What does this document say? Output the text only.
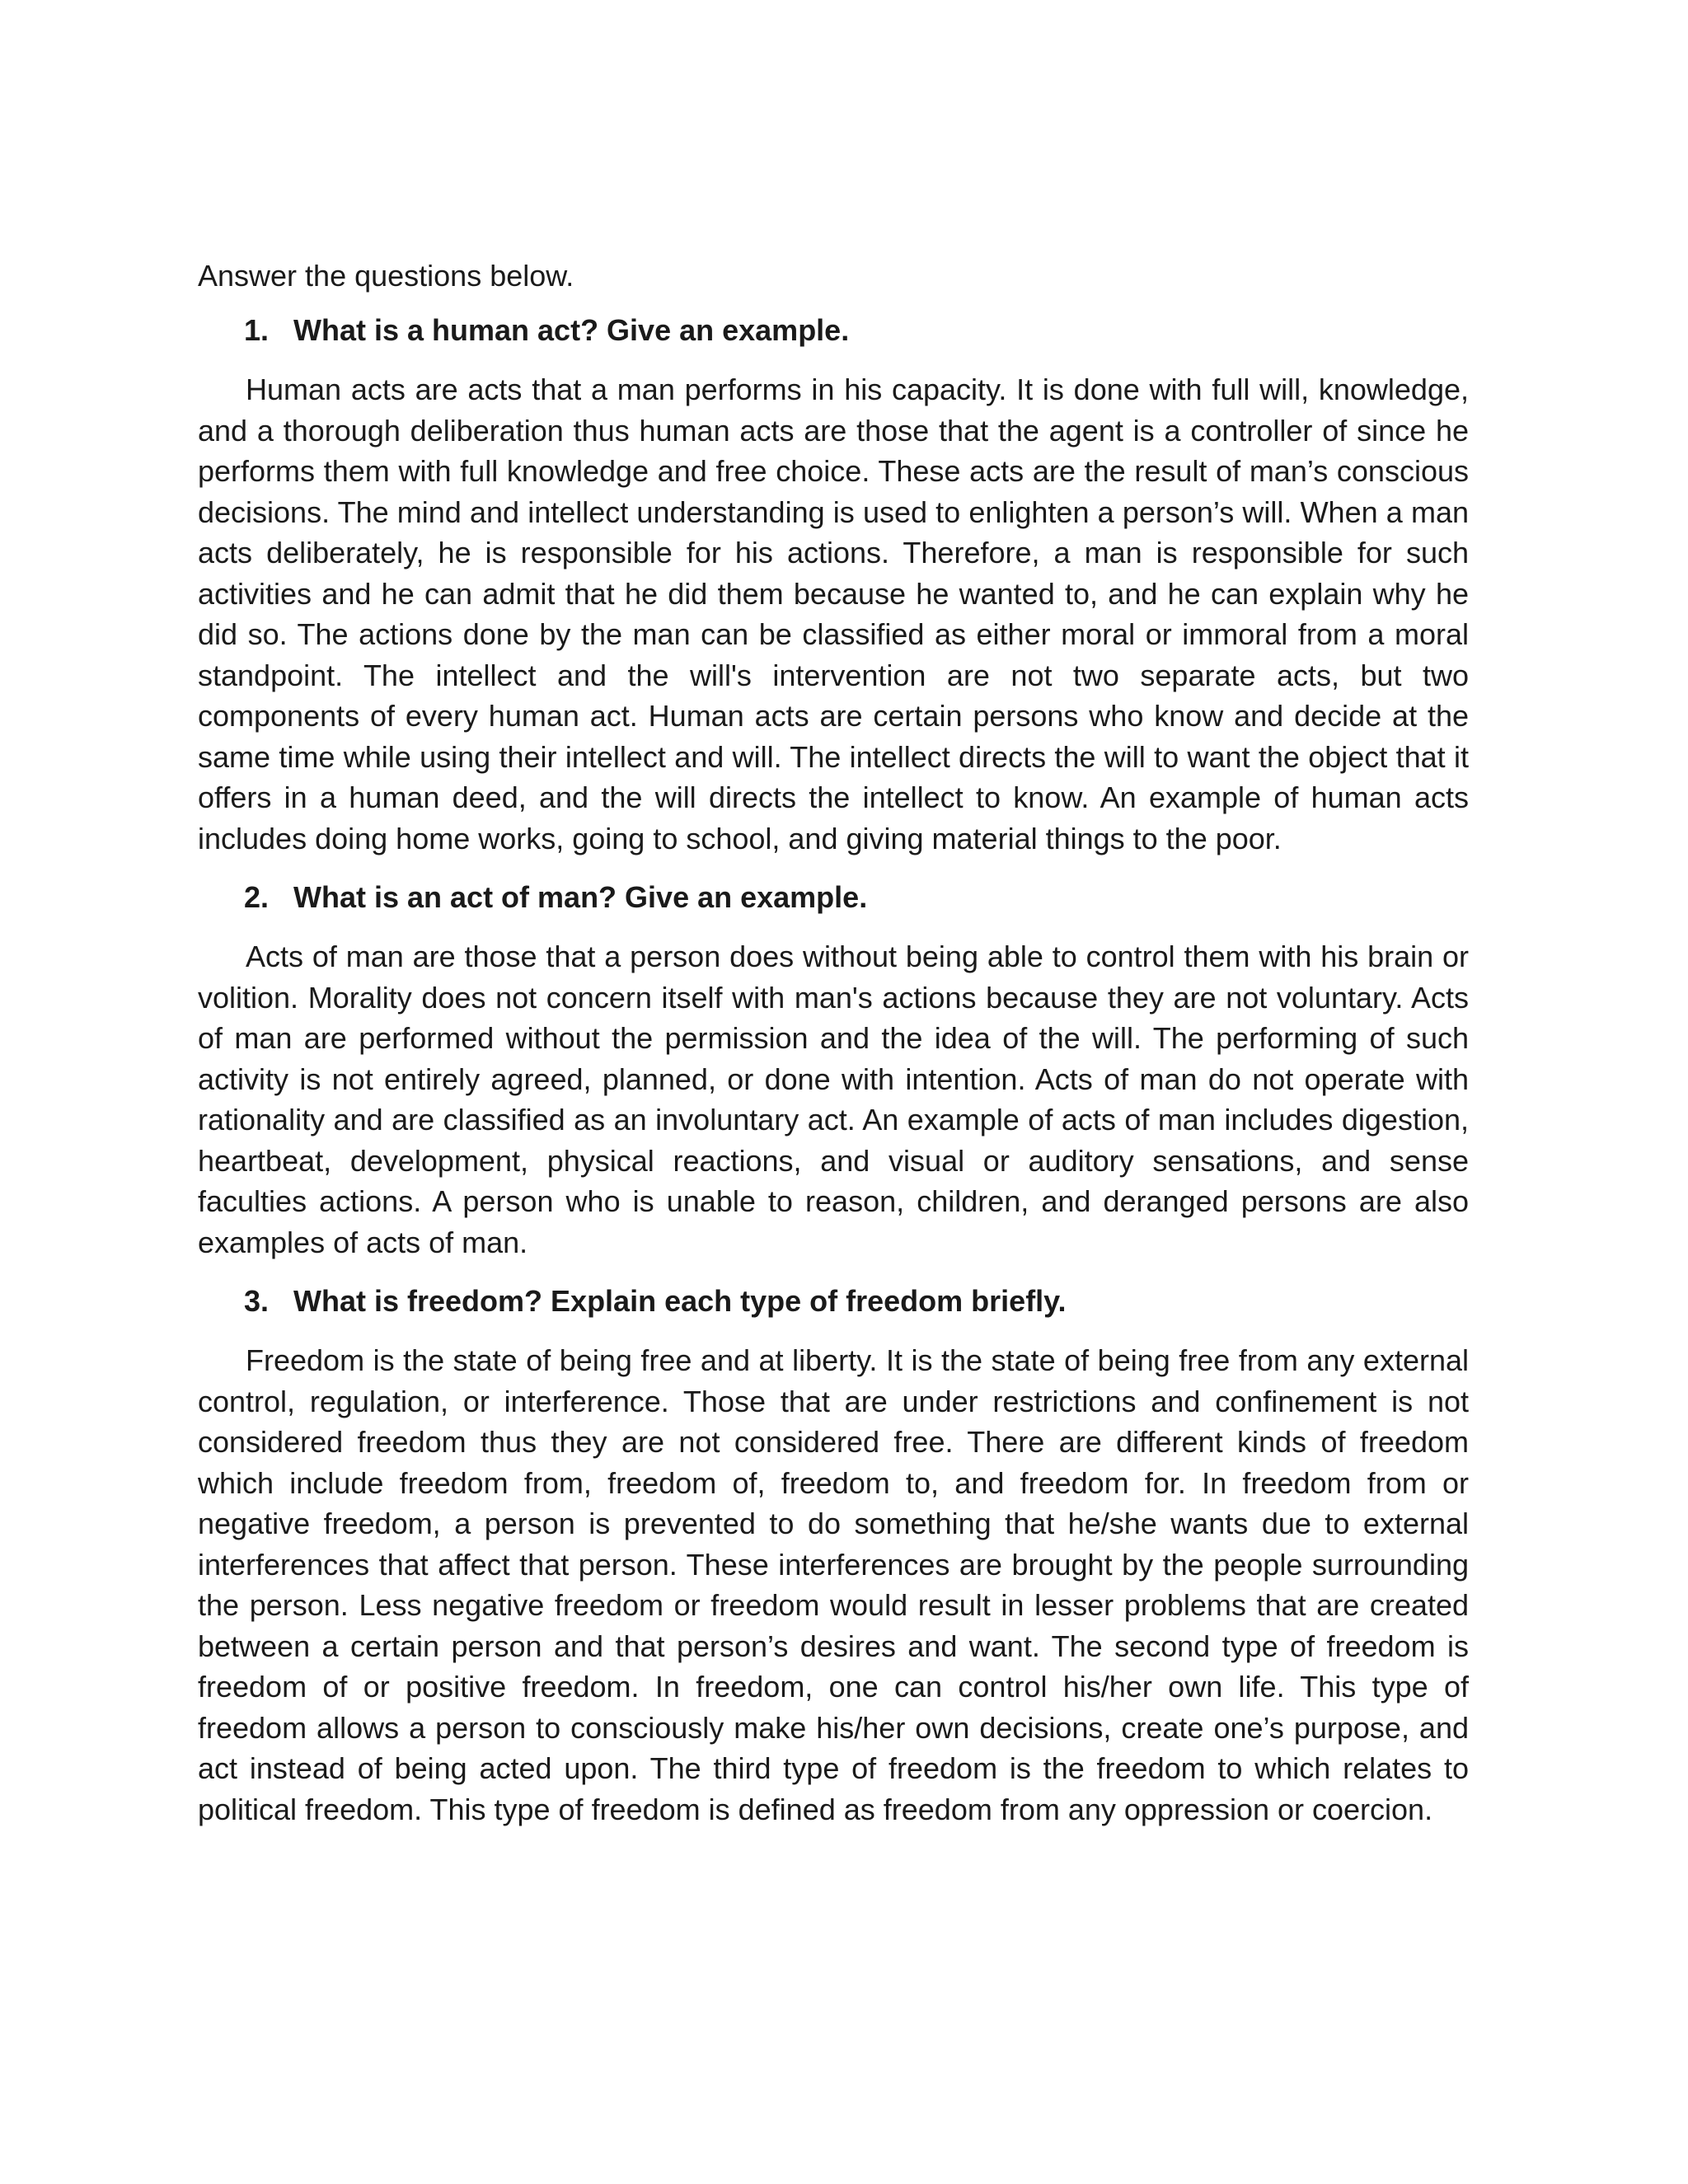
Answer the questions below.

1. What is a human act? Give an example.

Human acts are acts that a man performs in his capacity. It is done with full will, knowledge, and a thorough deliberation thus human acts are those that the agent is a controller of since he performs them with full knowledge and free choice. These acts are the result of man’s conscious decisions. The mind and intellect understanding is used to enlighten a person’s will. When a man acts deliberately, he is responsible for his actions. Therefore, a man is responsible for such activities and he can admit that he did them because he wanted to, and he can explain why he did so. The actions done by the man can be classified as either moral or immoral from a moral standpoint. The intellect and the will's intervention are not two separate acts, but two components of every human act. Human acts are certain persons who know and decide at the same time while using their intellect and will. The intellect directs the will to want the object that it offers in a human deed, and the will directs the intellect to know. An example of human acts includes doing home works, going to school, and giving material things to the poor.

2. What is an act of man? Give an example.

Acts of man are those that a person does without being able to control them with his brain or volition. Morality does not concern itself with man's actions because they are not voluntary. Acts of man are performed without the permission and the idea of the will. The performing of such activity is not entirely agreed, planned, or done with intention. Acts of man do not operate with rationality and are classified as an involuntary act. An example of acts of man includes digestion, heartbeat, development, physical reactions, and visual or auditory sensations, and sense faculties actions. A person who is unable to reason, children, and deranged persons are also examples of acts of man.

3. What is freedom? Explain each type of freedom briefly.

Freedom is the state of being free and at liberty. It is the state of being free from any external control, regulation, or interference. Those that are under restrictions and confinement is not considered freedom thus they are not considered free. There are different kinds of freedom which include freedom from, freedom of, freedom to, and freedom for. In freedom from or negative freedom, a person is prevented to do something that he/she wants due to external interferences that affect that person. These interferences are brought by the people surrounding the person. Less negative freedom or freedom would result in lesser problems that are created between a certain person and that person’s desires and want. The second type of freedom is freedom of or positive freedom. In freedom, one can control his/her own life. This type of freedom allows a person to consciously make his/her own decisions, create one’s purpose, and act instead of being acted upon. The third type of freedom is the freedom to which relates to political freedom. This type of freedom is defined as freedom from any oppression or coercion.
